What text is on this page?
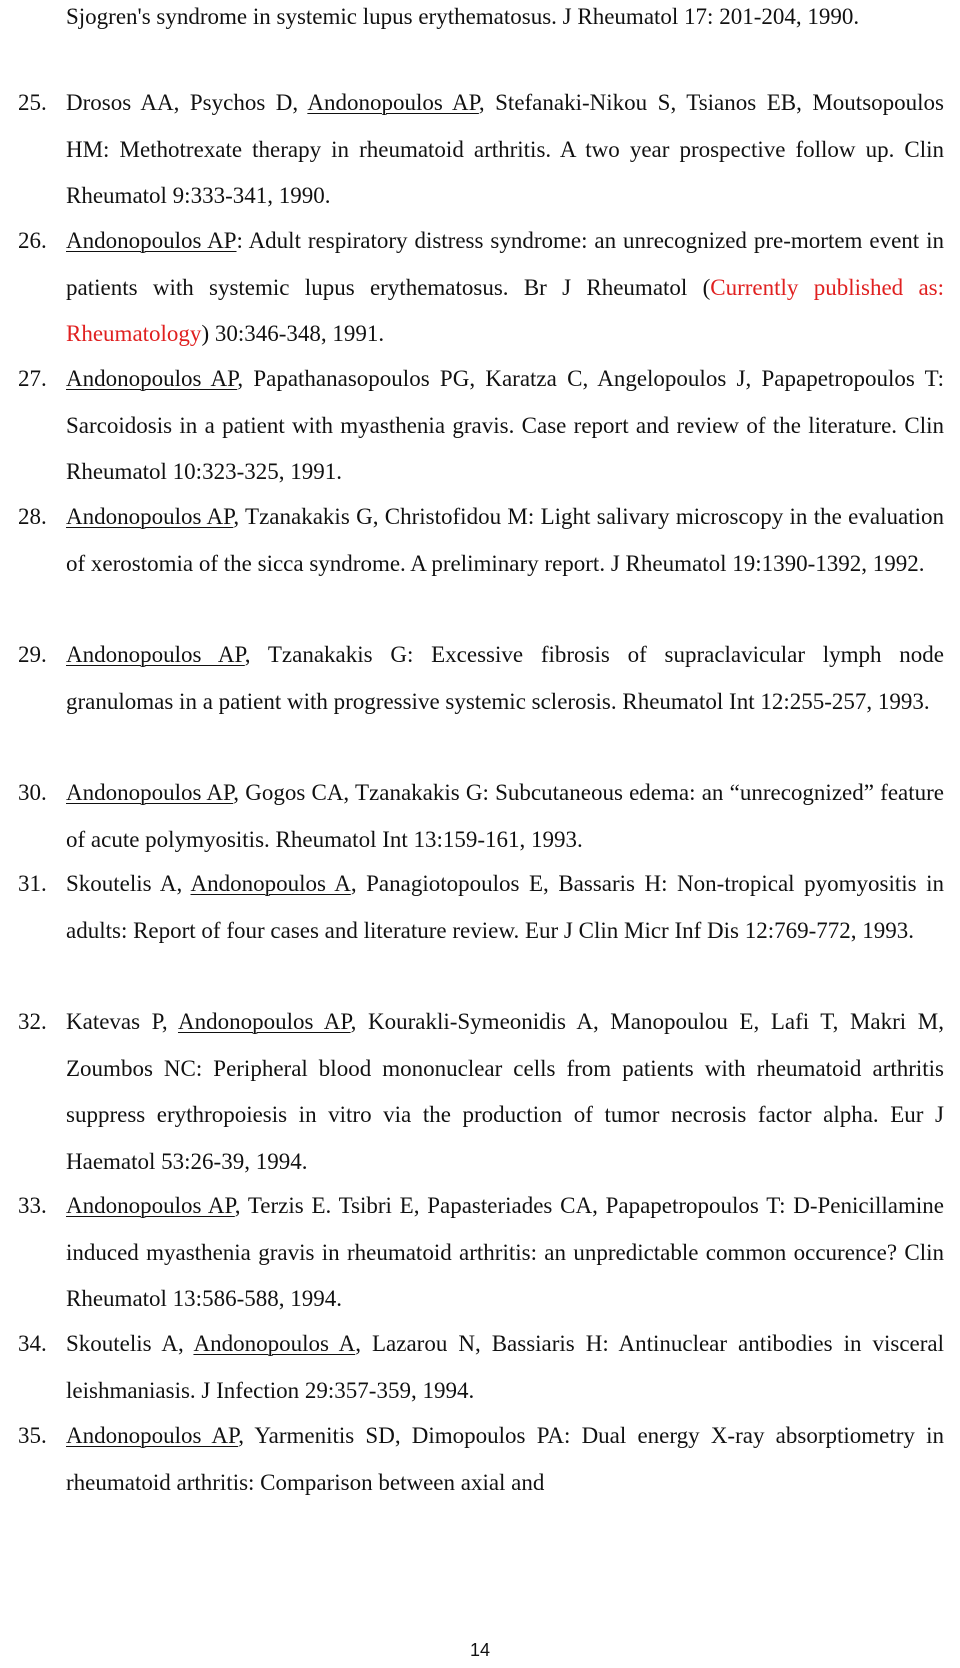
Sjogren's syndrome in systemic lupus erythematosus. J Rheumatol 17: 201-204, 1990.
25. Drosos AA, Psychos D, Andonopoulos AP, Stefanaki-Nikou S, Tsianos EB, Moutsopoulos HM: Methotrexate therapy in rheumatoid arthritis. A two year prospective follow up. Clin Rheumatol 9:333-341, 1990.
26. Andonopoulos AP: Adult respiratory distress syndrome: an unrecognized pre-mortem event in patients with systemic lupus erythematosus. Br J Rheumatol (Currently published as: Rheumatology) 30:346-348, 1991.
27. Andonopoulos AP, Papathanasopoulos PG, Karatza C, Angelopoulos J, Papapetropoulos T: Sarcoidosis in a patient with myasthenia gravis. Case report and review of the literature. Clin Rheumatol 10:323-325, 1991.
28. Andonopoulos AP, Tzanakakis G, Christofidou M: Light salivary microscopy in the evaluation of xerostomia of the sicca syndrome. A preliminary report. J Rheumatol 19:1390-1392, 1992.
29. Andonopoulos AP, Tzanakakis G: Excessive fibrosis of supraclavicular lymph node granulomas in a patient with progressive systemic sclerosis. Rheumatol Int 12:255-257, 1993.
30. Andonopoulos AP, Gogos CA, Tzanakakis G: Subcutaneous edema: an “unrecognized” feature of acute polymyositis. Rheumatol Int 13:159-161, 1993.
31. Skoutelis A, Andonopoulos A, Panagiotopoulos E, Bassaris H: Non-tropical pyomyositis in adults: Report of four cases and literature review. Eur J Clin Micr Inf Dis 12:769-772, 1993.
32. Katevas P, Andonopoulos AP, Kourakli-Symeonidis A, Manopoulou E, Lafi T, Makri M, Zoumbos NC: Peripheral blood mononuclear cells from patients with rheumatoid arthritis suppress erythropoiesis in vitro via the production of tumor necrosis factor alpha. Eur J Haematol 53:26-39, 1994.
33. Andonopoulos AP, Terzis E. Tsibri E, Papasteriades CA, Papapetropoulos T: D-Penicillamine induced myasthenia gravis in rheumatoid arthritis: an unpredictable common occurence? Clin Rheumatol 13:586-588, 1994.
34. Skoutelis A, Andonopoulos A, Lazarou N, Bassiaris H: Antinuclear antibodies in visceral leishmaniasis. J Infection 29:357-359, 1994.
35. Andonopoulos AP, Yarmenitis SD, Dimopoulos PA: Dual energy X-ray absorptiometry in rheumatoid arthritis: Comparison between axial and
14
